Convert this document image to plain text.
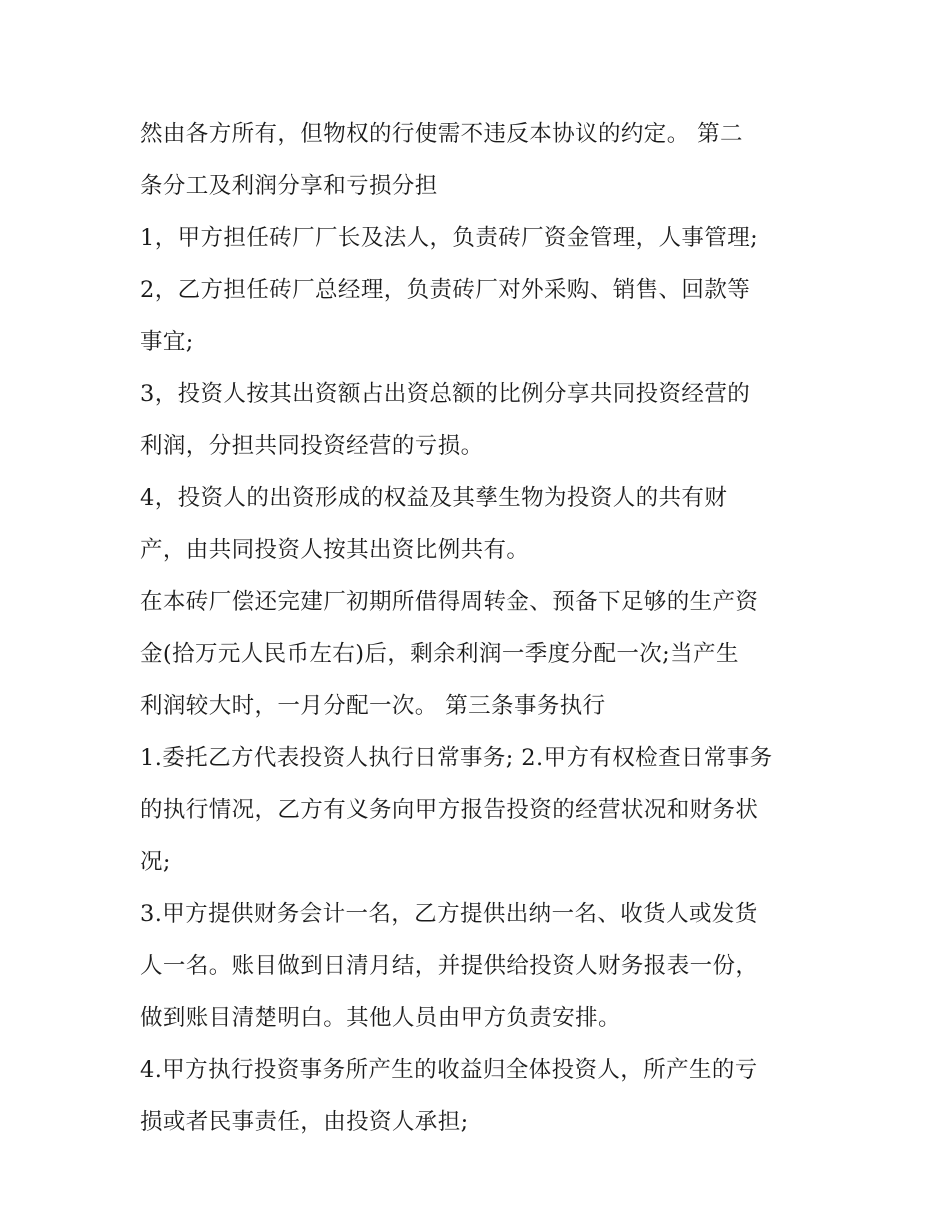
然由各方所有，但物权的行使需不违反本协议的约定。 第二
条分工及利润分享和亏损分担
1，甲方担任砖厂厂长及法人，负责砖厂资金管理，人事管理;
2，乙方担任砖厂总经理，负责砖厂对外采购、销售、回款等
事宜;
3，投资人按其出资额占出资总额的比例分享共同投资经营的
利润，分担共同投资经营的亏损。
4，投资人的出资形成的权益及其孳生物为投资人的共有财
产，由共同投资人按其出资比例共有。
在本砖厂偿还完建厂初期所借得周转金、预备下足够的生产资
金(拾万元人民币左右)后，剩余利润一季度分配一次;当产生
利润较大时，一月分配一次。 第三条事务执行
1.委托乙方代表投资人执行日常事务; 2.甲方有权检查日常事务
的执行情况，乙方有义务向甲方报告投资的经营状况和财务状
况;
3.甲方提供财务会计一名，乙方提供出纳一名、收货人或发货
人一名。账目做到日清月结，并提供给投资人财务报表一份，
做到账目清楚明白。其他人员由甲方负责安排。
4.甲方执行投资事务所产生的收益归全体投资人，所产生的亏
损或者民事责任，由投资人承担;
